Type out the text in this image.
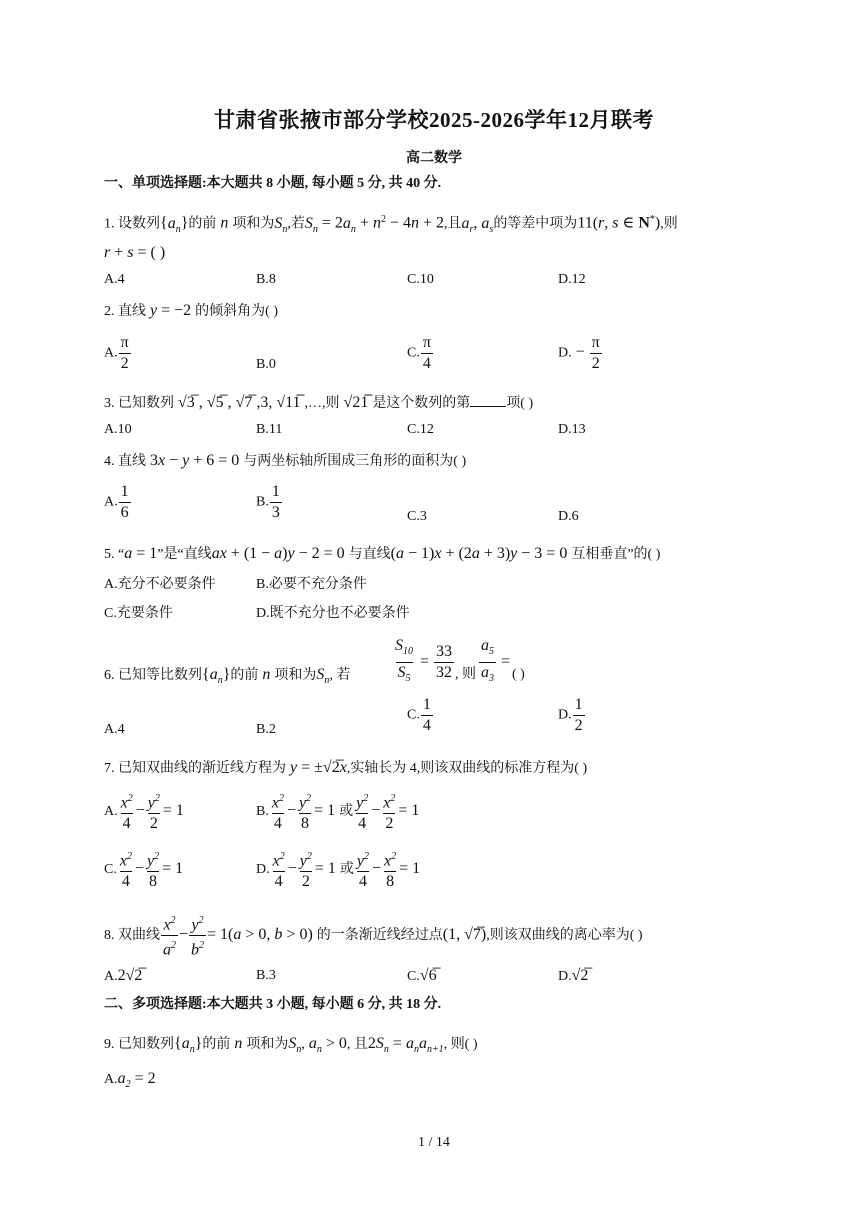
甘肃省张掖市部分学校2025-2026学年12月联考
高二数学
一、单项选择题:本大题共 8 小题, 每小题 5 分, 共 40 分.
1. 设数列$\{a_n\}$的前 n 项和为$S_n$,若$S_n = 2a_n + n^2 - 4n + 2$,且$a_r$, $a_s$的等差中项为11(r, s ∈ N*),则
r + s = ( )
A.4	B.8	C.10	D.12
2. 直线 y = −2 的倾斜角为( )
A. $\frac{\pi}{2}$	B.0
C. $\frac{\pi}{4}$	D. − $\frac{\pi}{2}$
3. 已知数列 √3̅ , √5̅ , √7̅ ,3, √11̅̅ ,…,则 √21̅̅ 是这个数列的第	项( )
A.10	B.11	C.12	D.13
4. 直线 3x − y + 6 = 0 与两坐标轴所围成三角形的面积为( )
A. $\frac{1}{6}$	B. $\frac{1}{3}$	C.3	D.6
5. “a = 1”是“直线ax + (1 − a)y − 2 = 0 与直线(a − 1)x + (2a + 3)y − 3 = 0 互相垂直”的( )
A.充分不必要条件	B.必要不充分条件
C.充要条件	D.既不充分也不必要条件
6. 已知等比数列$\{a_n\}$的前 n 项和为$S_n$, 若	$\frac{S_{10}}{S_5} = \frac{33}{32}$ , 则 $\frac{a_5}{a_3}$ =
( )
A.4	B.2
C. $\frac{1}{4}$	D. $\frac{1}{2}$
7. 已知双曲线的渐近线方程为 y = ±√2̅x,实轴长为 4,则该双曲线的标准方程为( )
A. $\frac{x^2}{4} - \frac{y^2}{2} = 1$	B. $\frac{x^2}{4} - \frac{y^2}{8} = 1$ 或 $\frac{y^2}{4} - \frac{x^2}{2} = 1$
C. $\frac{x^2}{4} - \frac{y^2}{8} = 1$	D. $\frac{x^2}{4} - \frac{y^2}{2} = 1$ 或 $\frac{y^2}{4} - \frac{x^2}{8} = 1$
8. 双曲线 $\frac{x^2}{a^2} - \frac{y^2}{b^2} = 1(a > 0$, b > 0) 的一条渐近线经过点(1, √7̅),则该双曲线的离心率为( )
A.2√2̅	B.3	C.√6̅	D.√2̅
二、多项选择题:本大题共 3 小题, 每小题 6 分, 共 18 分.
9. 已知数列$\{a_n\}$的前 n 项和为$S_n$, $a_n > 0$, 且$2S_n = a_na_{n+1}$, 则( )
$A.a_2 = 2$
1 / 14
